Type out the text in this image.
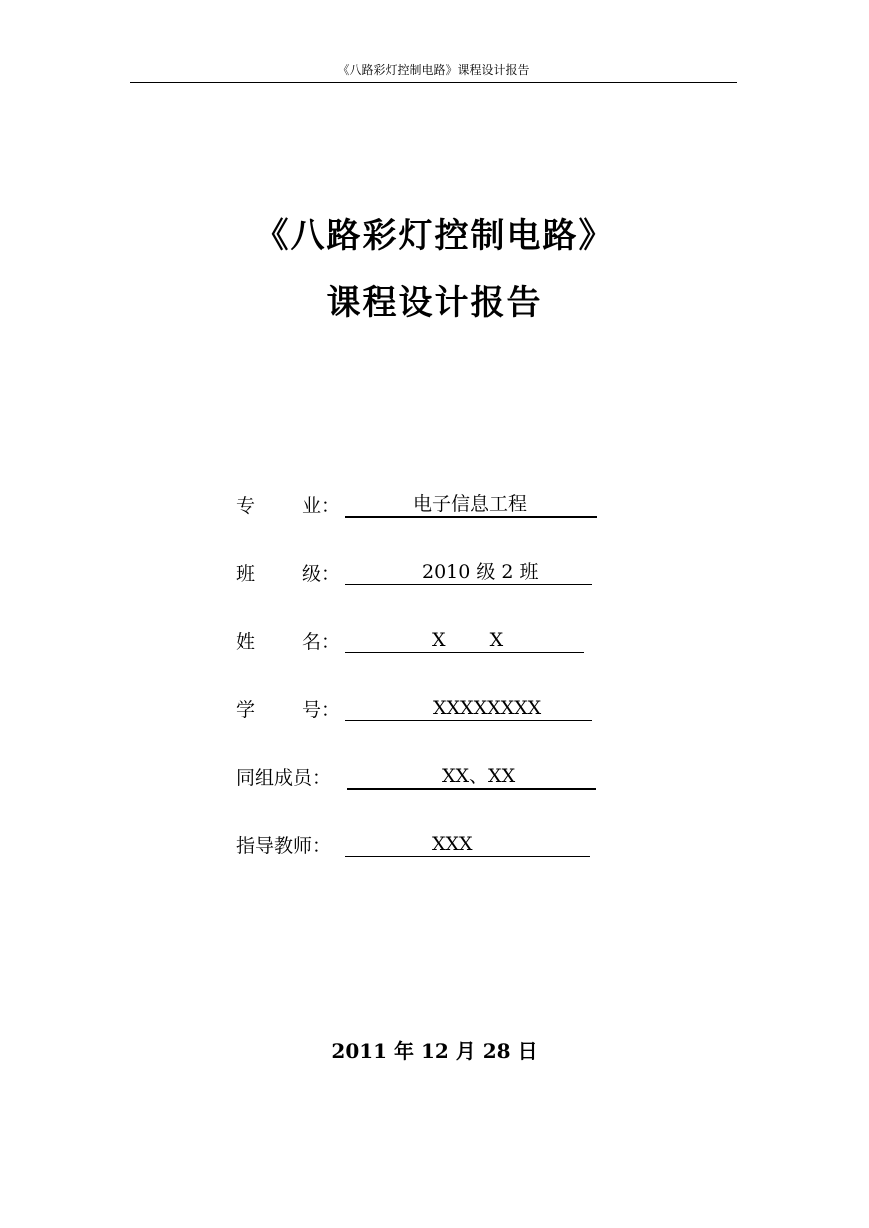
《八路彩灯控制电路》课程设计报告
《八路彩灯控制电路》
课程设计报告
专 业：	电子信息工程
班 级：	2010 级 2 班
姓 名：	X   X
学 号：	XXXXXXXX
同组成员：	XX、XX
指导教师：	XXX
2011 年 12 月 28 日
